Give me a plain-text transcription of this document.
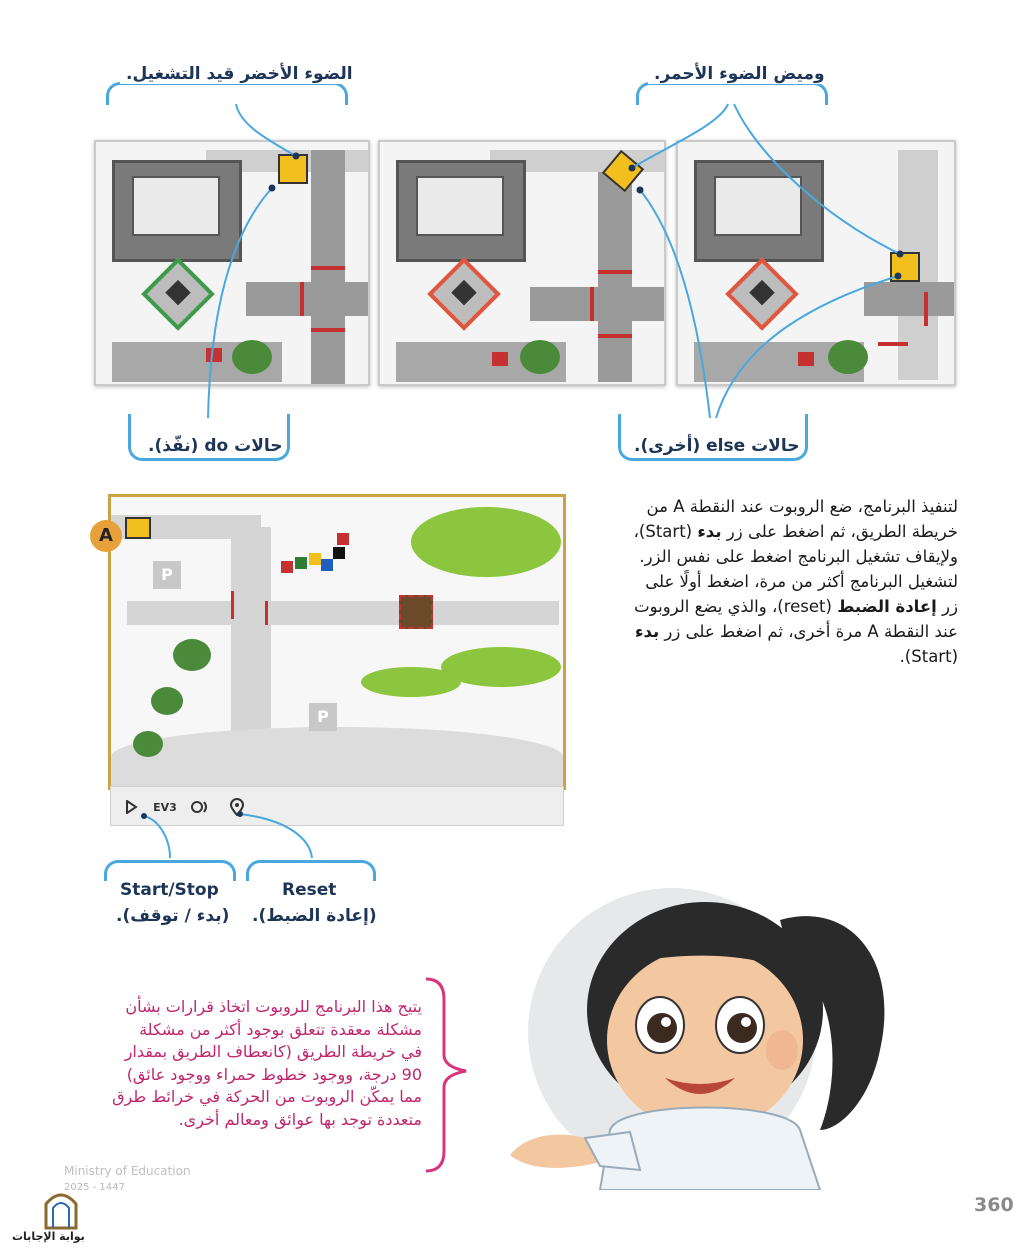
الضوء الأخضر قيد التشغيل.	وميض الضوء الأحمر.
حالات do (نفّذ).	حالات else (أخرى).
P
P
A
EV3
Start/Stop
(بدء / توقف).
Reset
(إعادة الضبط).
لتنفيذ البرنامج، ضع الروبوت عند النقطة A من
خريطة الطريق، ثم اضغط على زر بدء (Start)،
ولإيقاف تشغيل البرنامج اضغط على نفس الزر.
لتشغيل البرنامج أكثر من مرة، اضغط أولًا على
زر إعادة الضبط (reset)، والذي يضع الروبوت
عند النقطة A مرة أخرى، ثم اضغط على زر بدء
(Start).
يتيح هذا البرنامج للروبوت اتخاذ قرارات بشأن
مشكلة معقدة تتعلق بوجود أكثر من مشكلة
في خريطة الطريق (كانعطاف الطريق بمقدار
90 درجة، ووجود خطوط حمراء ووجود عائق)
مما يمكّن الروبوت من الحركة في خرائط طرق
متعددة توجد بها عوائق ومعالم أخرى.
Ministry of Education
2025 - 1447
بوابة الإجابات
360
